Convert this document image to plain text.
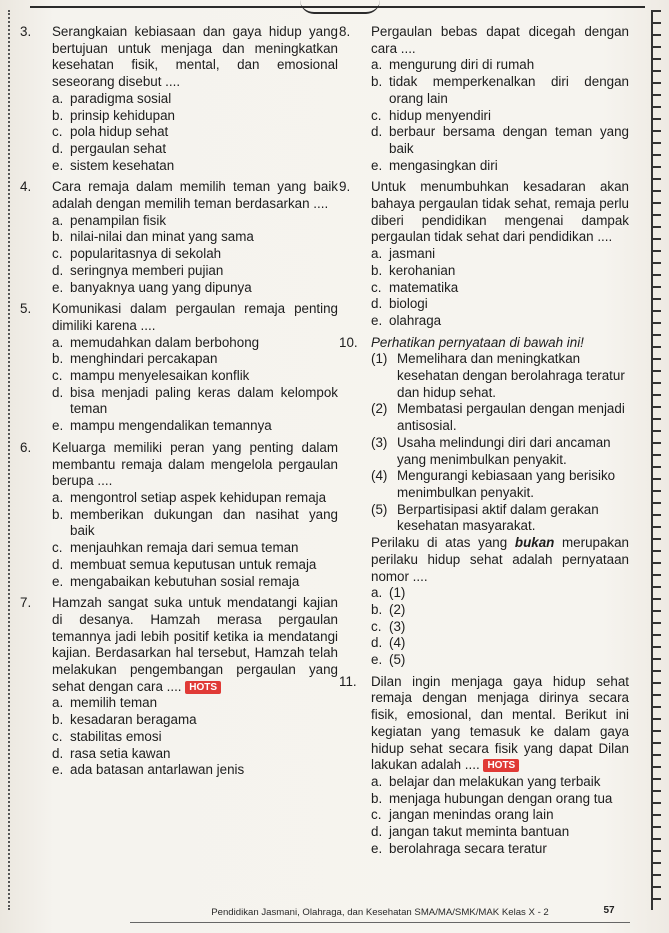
3.	Serangkaian kebiasaan dan gaya hidup yang bertujuan untuk menjaga dan meningkatkan kesehatan fisik, mental, dan emosional seseorang disebut ....
a. paradigma sosial
b. prinsip kehidupan
c. pola hidup sehat
d. pergaulan sehat
e. sistem kesehatan
4.	Cara remaja dalam memilih teman yang baik adalah dengan memilih teman berdasarkan ....
a. penampilan fisik
b. nilai-nilai dan minat yang sama
c. popularitasnya di sekolah
d. seringnya memberi pujian
e. banyaknya uang yang dipunya
5.	Komunikasi dalam pergaulan remaja penting dimiliki karena ....
a. memudahkan dalam berbohong
b. menghindari percakapan
c. mampu menyelesaikan konflik
d. bisa menjadi paling keras dalam kelompok teman
e. mampu mengendalikan temannya
6.	Keluarga memiliki peran yang penting dalam membantu remaja dalam mengelola pergaulan berupa ....
a. mengontrol setiap aspek kehidupan remaja
b. memberikan dukungan dan nasihat yang baik
c. menjauhkan remaja dari semua teman
d. membuat semua keputusan untuk remaja
e. mengabaikan kebutuhan sosial remaja
7.	Hamzah sangat suka untuk mendatangi kajian di desanya. Hamzah merasa pergaulan temannya jadi lebih positif ketika ia mendatangi kajian. Berdasarkan hal tersebut, Hamzah telah melakukan pengembangan pergaulan yang sehat dengan cara .... HOTS
a. memilih teman
b. kesadaran beragama
c. stabilitas emosi
d. rasa setia kawan
e. ada batasan antarlawan jenis
8.	Pergaulan bebas dapat dicegah dengan cara ....
a. mengurung diri di rumah
b. tidak memperkenalkan diri dengan orang lain
c. hidup menyendiri
d. berbaur bersama dengan teman yang baik
e. mengasingkan diri
9.	Untuk menumbuhkan kesadaran akan bahaya pergaulan tidak sehat, remaja perlu diberi pendidikan mengenai dampak pergaulan tidak sehat dari pendidikan ....
a. jasmani
b. kerohanian
c. matematika
d. biologi
e. olahraga
10. Perhatikan pernyataan di bawah ini!
(1) Memelihara dan meningkatkan kesehatan dengan berolahraga teratur dan hidup sehat.
(2) Membatasi pergaulan dengan menjadi antisosial.
(3) Usaha melindungi diri dari ancaman yang menimbulkan penyakit.
(4) Mengurangi kebiasaan yang berisiko menimbulkan penyakit.
(5) Berpartisipasi aktif dalam gerakan kesehatan masyarakat.
Perilaku di atas yang bukan merupakan perilaku hidup sehat adalah pernyataan nomor ....
a. (1)
b. (2)
c. (3)
d. (4)
e. (5)
11.	Dilan ingin menjaga gaya hidup sehat remaja dengan menjaga dirinya secara fisik, emosional, dan mental. Berikut ini kegiatan yang temasuk ke dalam gaya hidup sehat secara fisik yang dapat Dilan lakukan adalah .... HOTS
a. belajar dan melakukan yang terbaik
b. menjaga hubungan dengan orang tua
c. jangan menindas orang lain
d. jangan takut meminta bantuan
e. berolahraga secara teratur
Pendidikan Jasmani, Olahraga, dan Kesehatan SMA/MA/SMK/MAK Kelas X - 2	57
